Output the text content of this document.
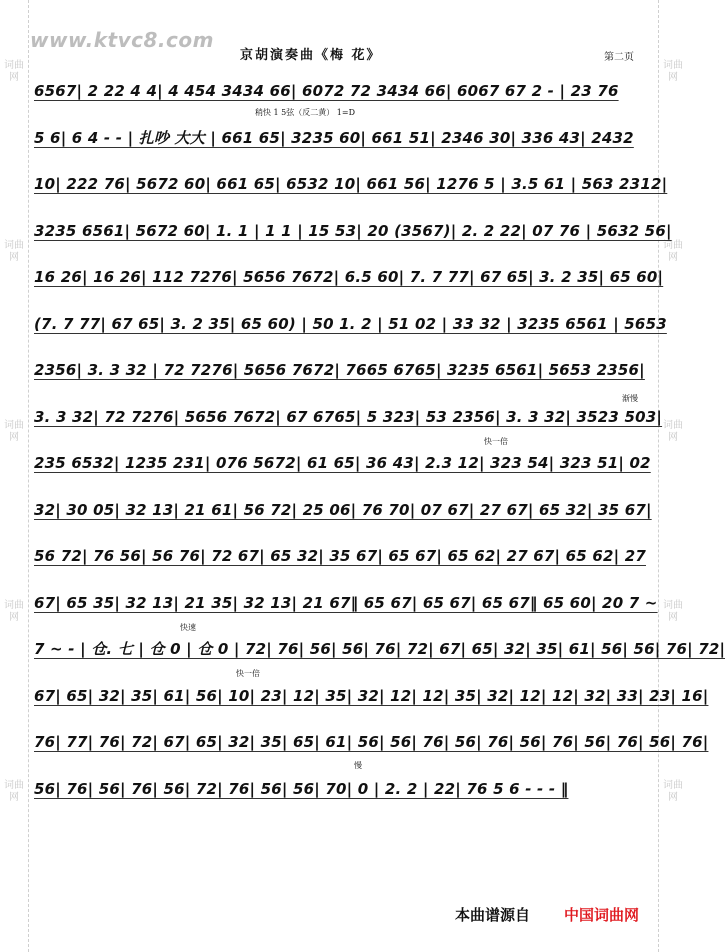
词曲网
词曲网
词曲网
词曲网
词曲网
词曲网
词曲网
词曲网
词曲网
词曲网
www.ktvc8.com
京胡演奏曲《梅 花》	第二页
稍快 1 5弦（反二黄） 1=D
渐慢
快一倍
快速
快一倍
慢
6567| 2 22 4 4| 4 454 3434 66| 6072 72 3434 66| 6067 67 2 - | 23 76
5 6| 6 4 - - | 扎吵 大大 | 661 65| 3235 60| 661 51| 2346 30| 336 43| 2432
10| 222 76| 5672 60| 661 65| 6532 10| 661 56| 1276 5 | 3.5 61 | 563 2312|
3235 6561| 5672 60| 1. 1 | 1 1 | 15 53| 20 (3567)| 2. 2 22| 07 76 | 5632 56|
16 26| 16 26| 112 7276| 5656 7672| 6.5 60| 7. 7 77| 67 65| 3. 2 35| 65 60|
(7. 7 77| 67 65| 3. 2 35| 65 60) | 50 1. 2 | 51 02 | 33 32 | 3235 6561 | 5653
2356| 3. 3 32 | 72 7276| 5656 7672| 7665 6765| 3235 6561| 5653 2356|
3. 3 32| 72 7276| 5656 7672| 67 6765| 5 323| 53 2356| 3. 3 32| 3523 503|
235 6532| 1235 231| 076 5672| 61 65| 36 43| 2.3 12| 323 54| 323 51| 02
32| 30 05| 32 13| 21 61| 56 72| 25 06| 76 70| 07 67| 27 67| 65 32| 35 67|
56 72| 76 56| 56 76| 72 67| 65 32| 35 67| 65 67| 65 62| 27 67| 65 62| 27
67| 65 35| 32 13| 21 35| 32 13| 21 67‖ 65 67| 65 67| 65 67‖ 65 60| 20 7 ~
7 ~ - | 仓. 七 | 仓 0 | 仓 0 | 72| 76| 56| 56| 76| 72| 67| 65| 32| 35| 61| 56| 56| 76| 72|
67| 65| 32| 35| 61| 56| 10| 23| 12| 35| 32| 12| 12| 35| 32| 12| 12| 32| 33| 23| 16|
76| 77| 76| 72| 67| 65| 32| 35| 65| 61| 56| 56| 76| 56| 76| 56| 76| 56| 76| 56| 76|
56| 76| 56| 76| 56| 72| 76| 56| 56| 70| 0 | 2. 2 | 22| 76 5 6 - - - ‖
本曲谱源自 中国词曲网
